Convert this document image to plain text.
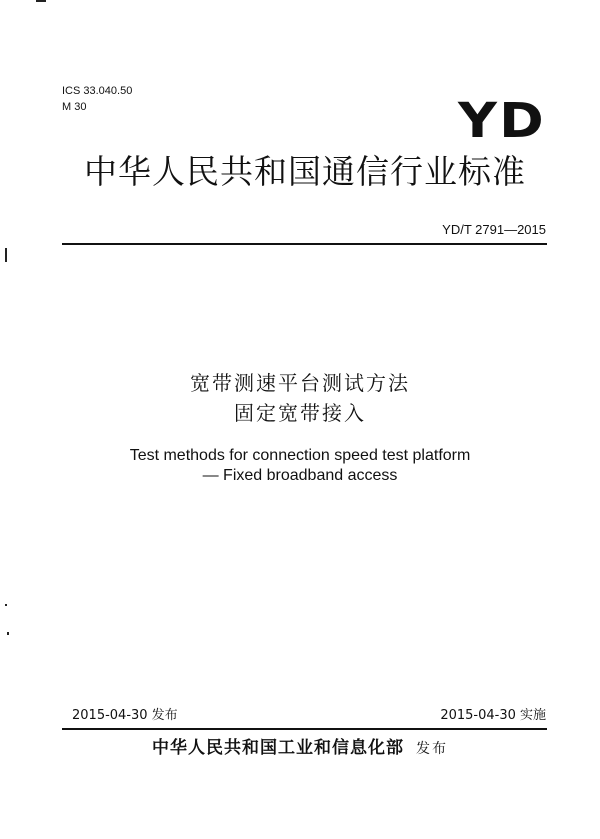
ICS 33.040.50
M 30	YD
中华人民共和国通信行业标准
YD/T 2791—2015
宽带测速平台测试方法
固定宽带接入
Test methods for connection speed test platform
— Fixed broadband access
2015-04-30 发布	2015-04-30 实施
中华人民共和国工业和信息化部 发布
